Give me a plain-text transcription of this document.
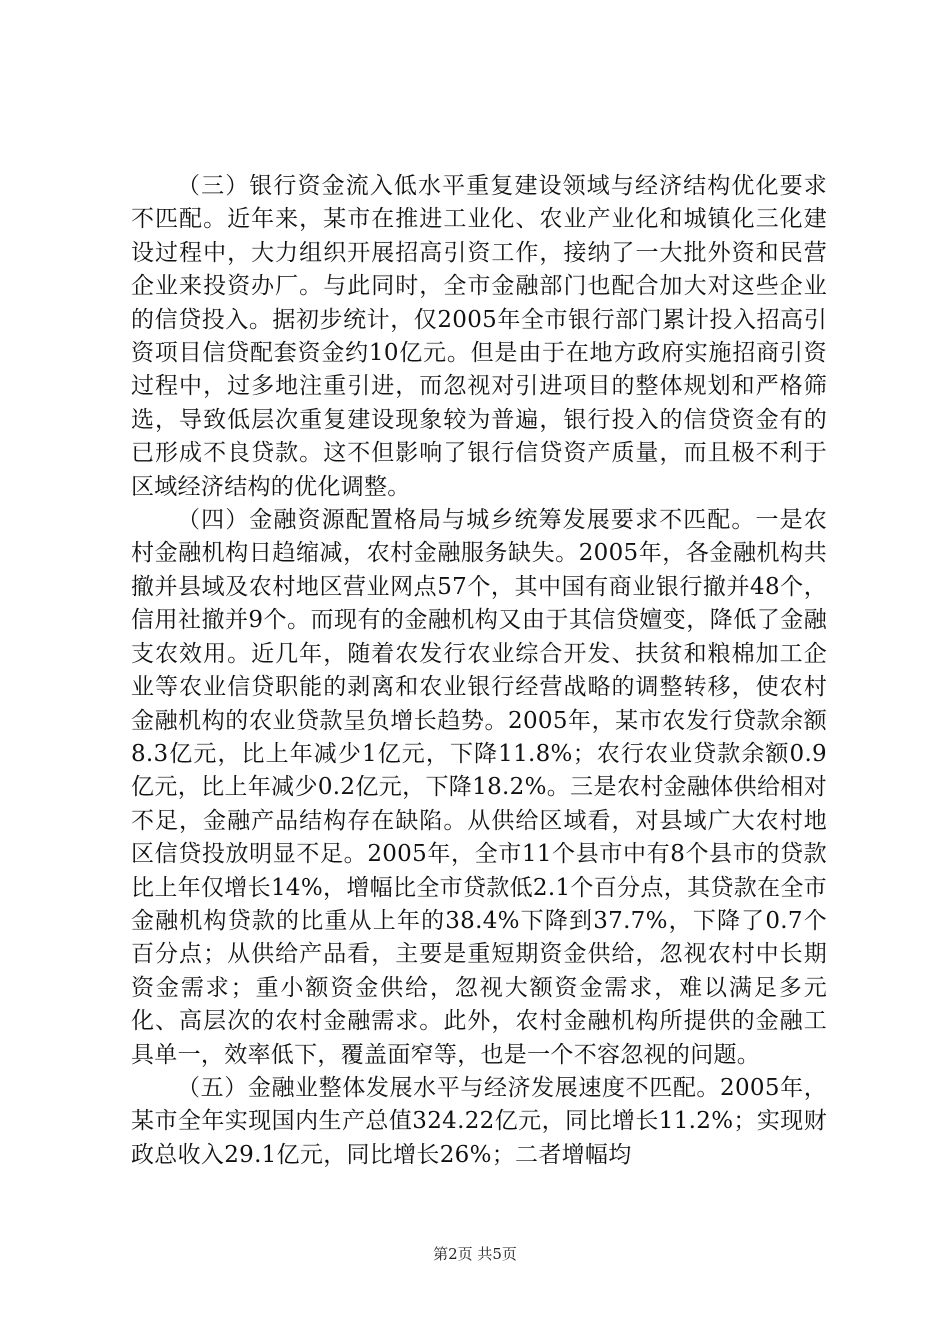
（三）银行资金流入低水平重复建设领域与经济结构优化要求不匹配。近年来，某市在推进工业化、农业产业化和城镇化三化建设过程中，大力组织开展招高引资工作，接纳了一大批外资和民营企业来投资办厂。与此同时，全市金融部门也配合加大对这些企业的信贷投入。据初步统计，仅2005年全市银行部门累计投入招高引资项目信贷配套资金约10亿元。但是由于在地方政府实施招商引资过程中，过多地注重引进，而忽视对引进项目的整体规划和严格筛选，导致低层次重复建设现象较为普遍，银行投入的信贷资金有的已形成不良贷款。这不但影响了银行信贷资产质量，而且极不利于区域经济结构的优化调整。

（四）金融资源配置格局与城乡统筹发展要求不匹配。一是农村金融机构日趋缩减，农村金融服务缺失。2005年，各金融机构共撤并县域及农村地区营业网点57个，其中国有商业银行撤并48个，信用社撤并9个。而现有的金融机构又由于其信贷嬗变，降低了金融支农效用。近几年，随着农发行农业综合开发、扶贫和粮棉加工企业等农业信贷职能的剥离和农业银行经营战略的调整转移，使农村金融机构的农业贷款呈负增长趋势。2005年，某市农发行贷款余额8.3亿元，比上年减少1亿元，下降11.8%；农行农业贷款余额0.9亿元，比上年减少0.2亿元，下降18.2%。三是农村金融体供给相对不足，金融产品结构存在缺陷。从供给区域看，对县域广大农村地区信贷投放明显不足。2005年，全市11个县市中有8个县市的贷款比上年仅增长14%，增幅比全市贷款低2.1个百分点，其贷款在全市金融机构贷款的比重从上年的38.4%下降到37.7%，下降了0.7个百分点；从供给产品看，主要是重短期资金供给，忽视农村中长期资金需求；重小额资金供给，忽视大额资金需求，难以满足多元化、高层次的农村金融需求。此外，农村金融机构所提供的金融工具单一，效率低下，覆盖面窄等，也是一个不容忽视的问题。

（五）金融业整体发展水平与经济发展速度不匹配。2005年，某市全年实现国内生产总值324.22亿元，同比增长11.2%；实现财政总收入29.1亿元，同比增长26%；二者增幅均

第2页 共5页
